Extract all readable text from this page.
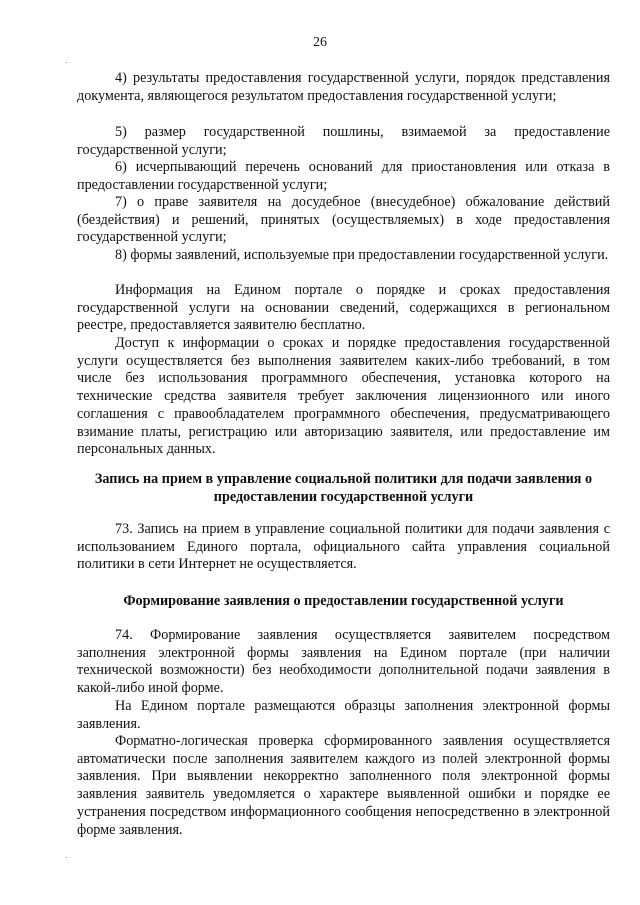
26

4) результаты предоставления государственной услуги, порядок представления документа, являющегося результатом предоставления государственной услуги;

5) размер государственной пошлины, взимаемой за предоставление государственной услуги;

6) исчерпывающий перечень оснований для приостановления или отказа в предоставлении государственной услуги;

7) о праве заявителя на досудебное (внесудебное) обжалование действий (бездействия) и решений, принятых (осуществляемых) в ходе предоставления государственной услуги;

8) формы заявлений, используемые при предоставлении государственной услуги.

Информация на Едином портале о порядке и сроках предоставления государственной услуги на основании сведений, содержащихся в региональном реестре, предоставляется заявителю бесплатно.

Доступ к информации о сроках и порядке предоставления государственной услуги осуществляется без выполнения заявителем каких-либо требований, в том числе без использования программного обеспечения, установка которого на технические средства заявителя требует заключения лицензионного или иного соглашения с правообладателем программного обеспечения, предусматривающего взимание платы, регистрацию или авторизацию заявителя, или предоставление им персональных данных.

Запись на прием в управление социальной политики для подачи заявления о предоставлении государственной услуги

73. Запись на прием в управление социальной политики для подачи заявления с использованием Единого портала, официального сайта управления социальной политики в сети Интернет не осуществляется.

Формирование заявления о предоставлении государственной услуги

74. Формирование заявления осуществляется заявителем посредством заполнения электронной формы заявления на Едином портале (при наличии технической возможности) без необходимости дополнительной подачи заявления в какой-либо иной форме.

На Едином портале размещаются образцы заполнения электронной формы заявления.

Форматно-логическая проверка сформированного заявления осуществляется автоматически после заполнения заявителем каждого из полей электронной формы заявления. При выявлении некорректно заполненного поля электронной формы заявления заявитель уведомляется о характере выявленной ошибки и порядке ее устранения посредством информационного сообщения непосредственно в электронной форме заявления.
